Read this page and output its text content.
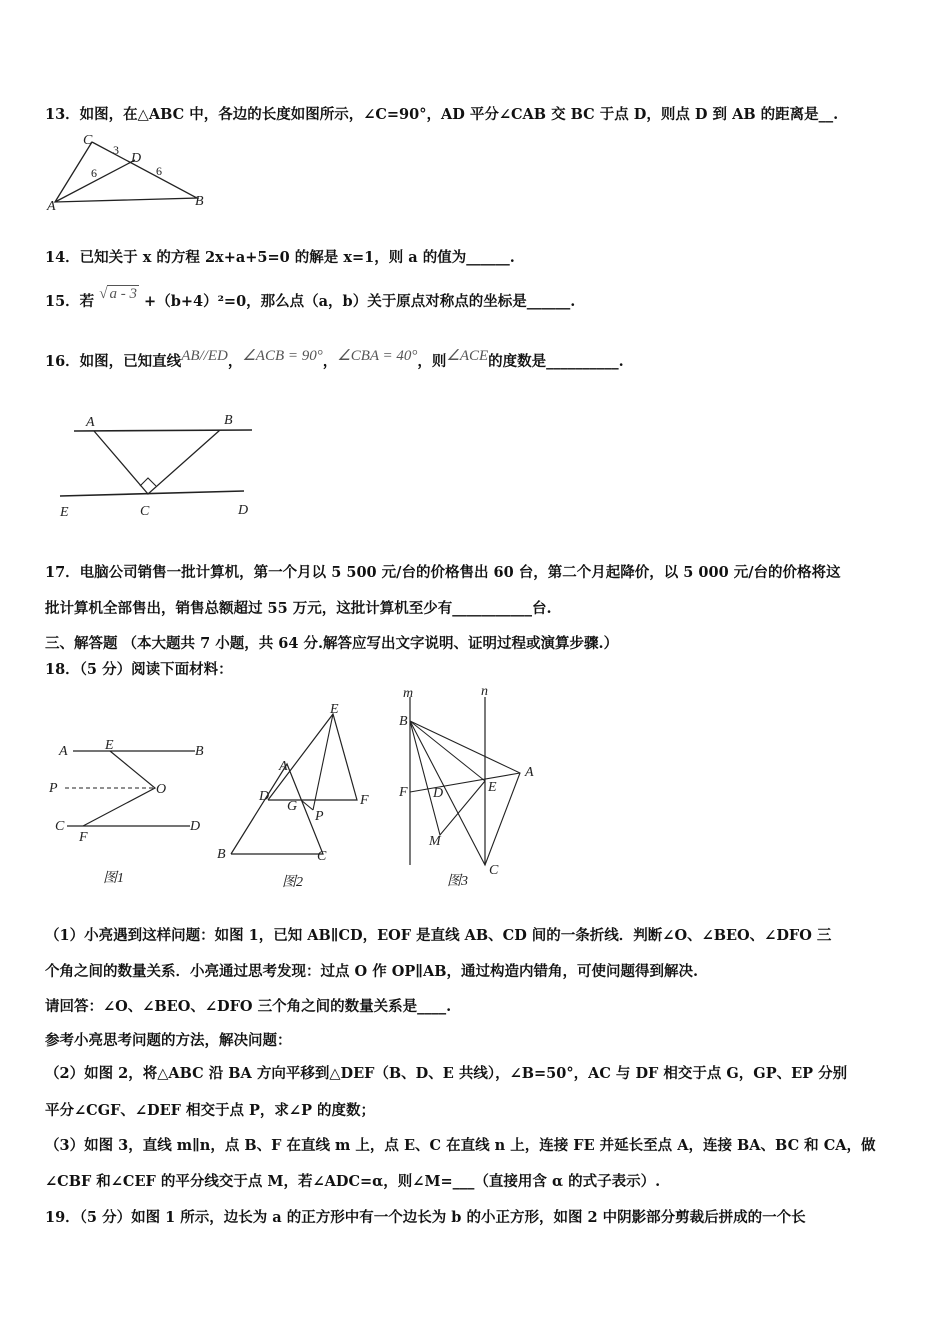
13．如图，在△ABC 中，各边的长度如图所示，∠C=90°，AD 平分∠CAB 交 BC 于点 D，则点 D 到 AB 的距离是__.
C
D
A	B
3
6	6
14．已知关于 x 的方程 2x+a+5=0 的解是 x=1，则 a 的值为______.
15．若 √ a - 3 +（b+4）²=0，那么点（a，b）关于原点对称点的坐标是______.
16．如图，已知直线AB//ED，∠ACB = 90°，∠CBA = 40°，则∠ACE的度数是__________.
A	B
E	C	D
17．电脑公司销售一批计算机，第一个月以 5 500 元/台的价格售出 60 台，第二个月起降价，以 5 000 元/台的价格将这
批计算机全部售出，销售总额超过 55 万元，这批计算机至少有___________台.
三、解答题 （本大题共 7 小题，共 64 分.解答应写出文字说明、证明过程或演算步骤.）
18．（5 分）阅读下面材料：
A	E	B
P	O
C
F
D
图1
E
A
D
G	F
P
B	C
图2
m	n
B
A
F D	E
M
C
图3
（1）小亮遇到这样问题：如图 1，已知 AB∥CD，EOF 是直线 AB、CD 间的一条折线．判断∠O、∠BEO、∠DFO 三
个角之间的数量关系．小亮通过思考发现：过点 O 作 OP∥AB，通过构造内错角，可使问题得到解决.
请回答：∠O、∠BEO、∠DFO 三个角之间的数量关系是____.
参考小亮思考问题的方法，解决问题：
（2）如图 2，将△ABC 沿 BA 方向平移到△DEF（B、D、E 共线），∠B=50°，AC 与 DF 相交于点 G，GP、EP 分别
平分∠CGF、∠DEF 相交于点 P，求∠P 的度数；
（3）如图 3，直线 m∥n，点 B、F 在直线 m 上，点 E、C 在直线 n 上，连接 FE 并延长至点 A，连接 BA、BC 和 CA，做
∠CBF 和∠CEF 的平分线交于点 M，若∠ADC=α，则∠M=___（直接用含 α 的式子表示）.
19．（5 分）如图 1 所示，边长为 a 的正方形中有一个边长为 b 的小正方形，如图 2 中阴影部分剪裁后拼成的一个长
